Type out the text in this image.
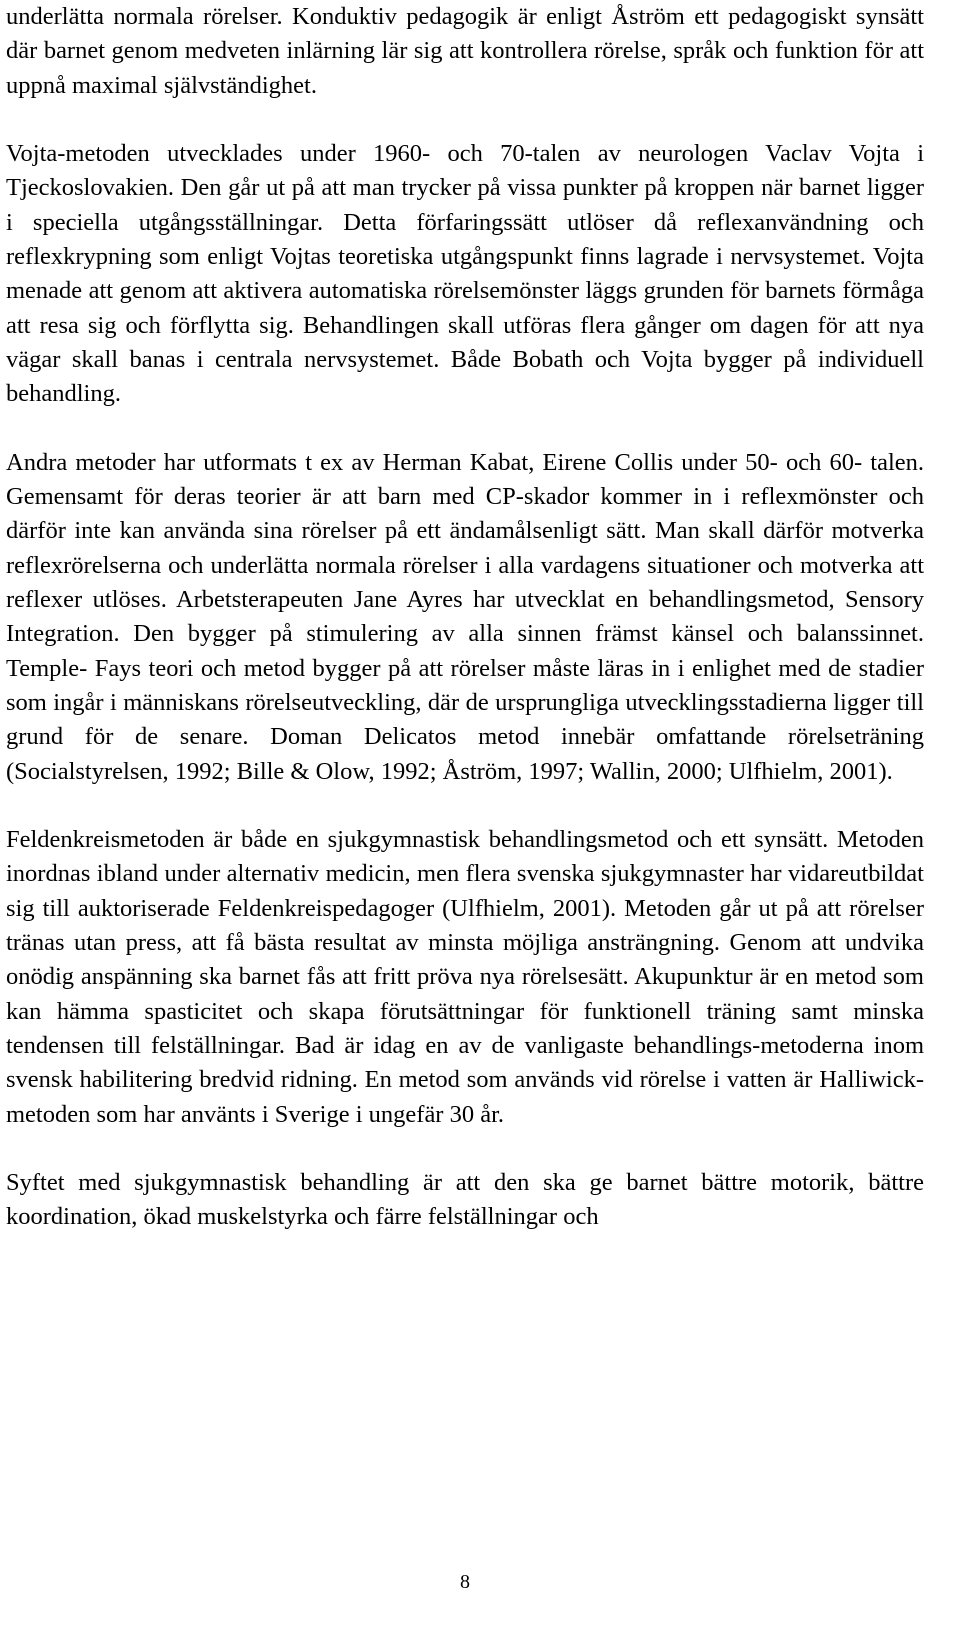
underlätta normala rörelser. Konduktiv pedagogik är enligt Åström ett pedagogiskt synsätt där barnet genom medveten inlärning lär sig att kontrollera rörelse, språk och funktion för att uppnå maximal självständighet.

Vojta-metoden utvecklades under 1960- och 70-talen av neurologen Vaclav Vojta i Tjeckoslovakien. Den går ut på att man trycker på vissa punkter på kroppen när barnet ligger i speciella utgångsställningar. Detta förfaringssätt utlöser då reflexanvändning och reflexkrypning som enligt Vojtas teoretiska utgångspunkt finns lagrade i nervsystemet. Vojta menade att genom att aktivera automatiska rörelsemönster läggs grunden för barnets förmåga att resa sig och förflytta sig. Behandlingen skall utföras flera gånger om dagen för att nya vägar skall banas i centrala nervsystemet. Både Bobath och Vojta bygger på individuell behandling.

Andra metoder har utformats t ex av Herman Kabat, Eirene Collis under 50- och 60- talen. Gemensamt för deras teorier är att barn med CP-skador kommer in i reflexmönster och därför inte kan använda sina rörelser på ett ändamålsenligt sätt. Man skall därför motverka reflexrörelserna och underlätta normala rörelser i alla vardagens situationer och motverka att reflexer utlöses. Arbetsterapeuten Jane Ayres har utvecklat en behandlingsmetod, Sensory Integration. Den bygger på stimulering av alla sinnen främst känsel och balanssinnet. Temple- Fays teori och metod bygger på att rörelser måste läras in i enlighet med de stadier som ingår i människans rörelseutveckling, där de ursprungliga utvecklingsstadierna ligger till grund för de senare. Doman Delicatos metod innebär omfattande rörelseträning (Socialstyrelsen, 1992; Bille & Olow, 1992; Åström, 1997; Wallin, 2000; Ulfhielm, 2001).

Feldenkreismetoden är både en sjukgymnastisk behandlingsmetod och ett synsätt. Metoden inordnas ibland under alternativ medicin, men flera svenska sjukgymnaster har vidareutbildat sig till auktoriserade Feldenkreispedagoger (Ulfhielm, 2001). Metoden går ut på att rörelser tränas utan press, att få bästa resultat av minsta möjliga ansträngning. Genom att undvika onödig anspänning ska barnet fås att fritt pröva nya rörelsesätt. Akupunktur är en metod som kan hämma spasticitet och skapa förutsättningar för funktionell träning samt minska tendensen till felställningar. Bad är idag en av de vanligaste behandlings-metoderna inom svensk habilitering bredvid ridning. En metod som används vid rörelse i vatten är Halliwick-metoden som har använts i Sverige i ungefär 30 år.

Syftet med sjukgymnastisk behandling är att den ska ge barnet bättre motorik, bättre koordination, ökad muskelstyrka och färre felställningar och

8
